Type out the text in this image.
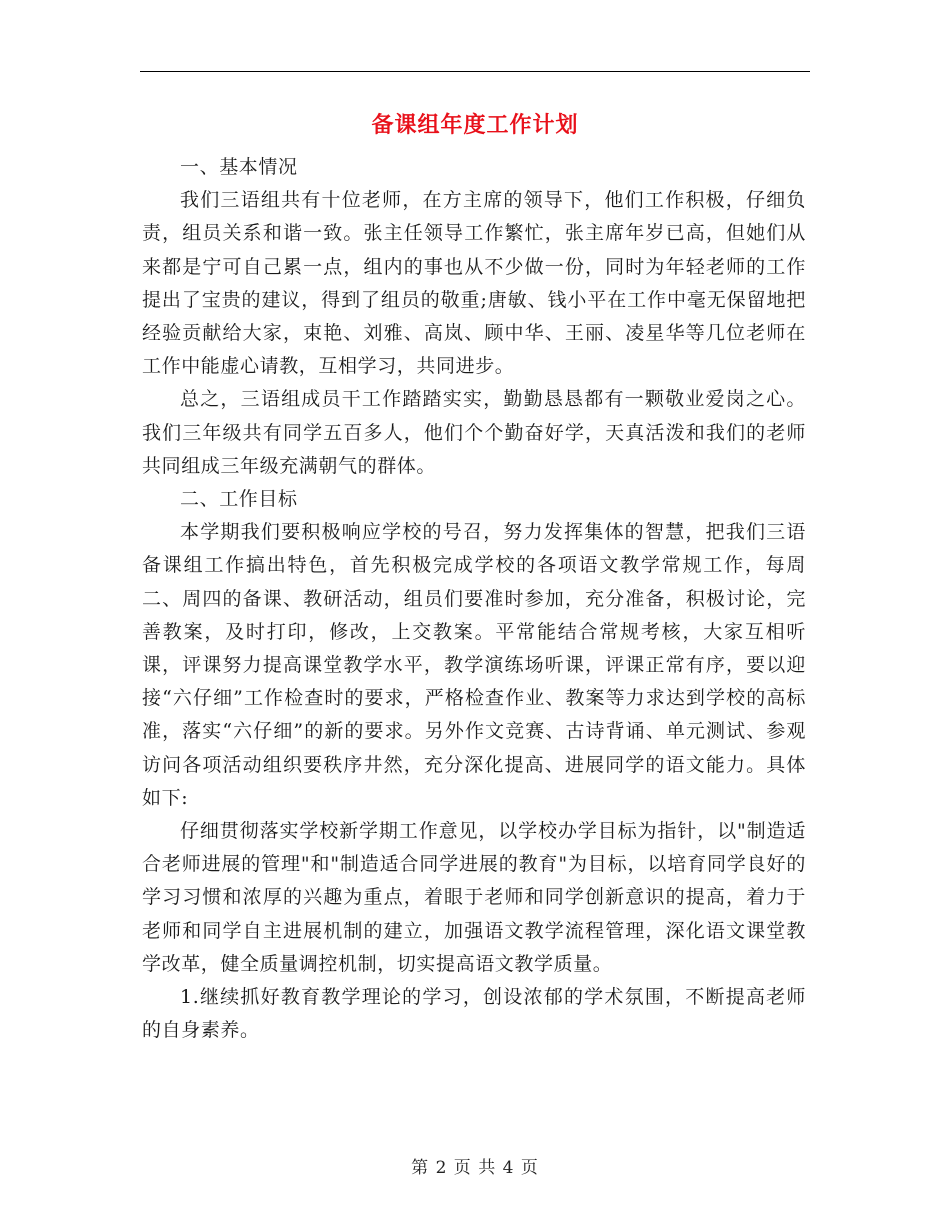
备课组年度工作计划

一、基本情况

我们三语组共有十位老师，在方主席的领导下，他们工作积极，仔细负责，组员关系和谐一致。张主任领导工作繁忙，张主席年岁已高，但她们从来都是宁可自己累一点，组内的事也从不少做一份，同时为年轻老师的工作提出了宝贵的建议，得到了组员的敬重;唐敏、钱小平在工作中毫无保留地把经验贡献给大家，束艳、刘雅、高岚、顾中华、王丽、凌星华等几位老师在工作中能虚心请教，互相学习，共同进步。

总之，三语组成员干工作踏踏实实，勤勤恳恳都有一颗敬业爱岗之心。我们三年级共有同学五百多人，他们个个勤奋好学，天真活泼和我们的老师共同组成三年级充满朝气的群体。

二、工作目标

本学期我们要积极响应学校的号召，努力发挥集体的智慧，把我们三语备课组工作搞出特色，首先积极完成学校的各项语文教学常规工作，每周二、周四的备课、教研活动，组员们要准时参加，充分准备，积极讨论，完善教案，及时打印，修改，上交教案。平常能结合常规考核，大家互相听课，评课努力提高课堂教学水平，教学演练场听课，评课正常有序，要以迎接“六仔细”工作检查时的要求，严格检查作业、教案等力求达到学校的高标准，落实“六仔细”的新的要求。另外作文竞赛、古诗背诵、单元测试、参观访问各项活动组织要秩序井然，充分深化提高、进展同学的语文能力。具体如下:

仔细贯彻落实学校新学期工作意见，以学校办学目标为指针，以"制造适合老师进展的管理"和"制造适合同学进展的教育"为目标，以培育同学良好的学习习惯和浓厚的兴趣为重点，着眼于老师和同学创新意识的提高，着力于老师和同学自主进展机制的建立，加强语文教学流程管理，深化语文课堂教学改革，健全质量调控机制，切实提高语文教学质量。

1.继续抓好教育教学理论的学习，创设浓郁的学术氛围，不断提高老师的自身素养。

第 2 页 共 4 页
